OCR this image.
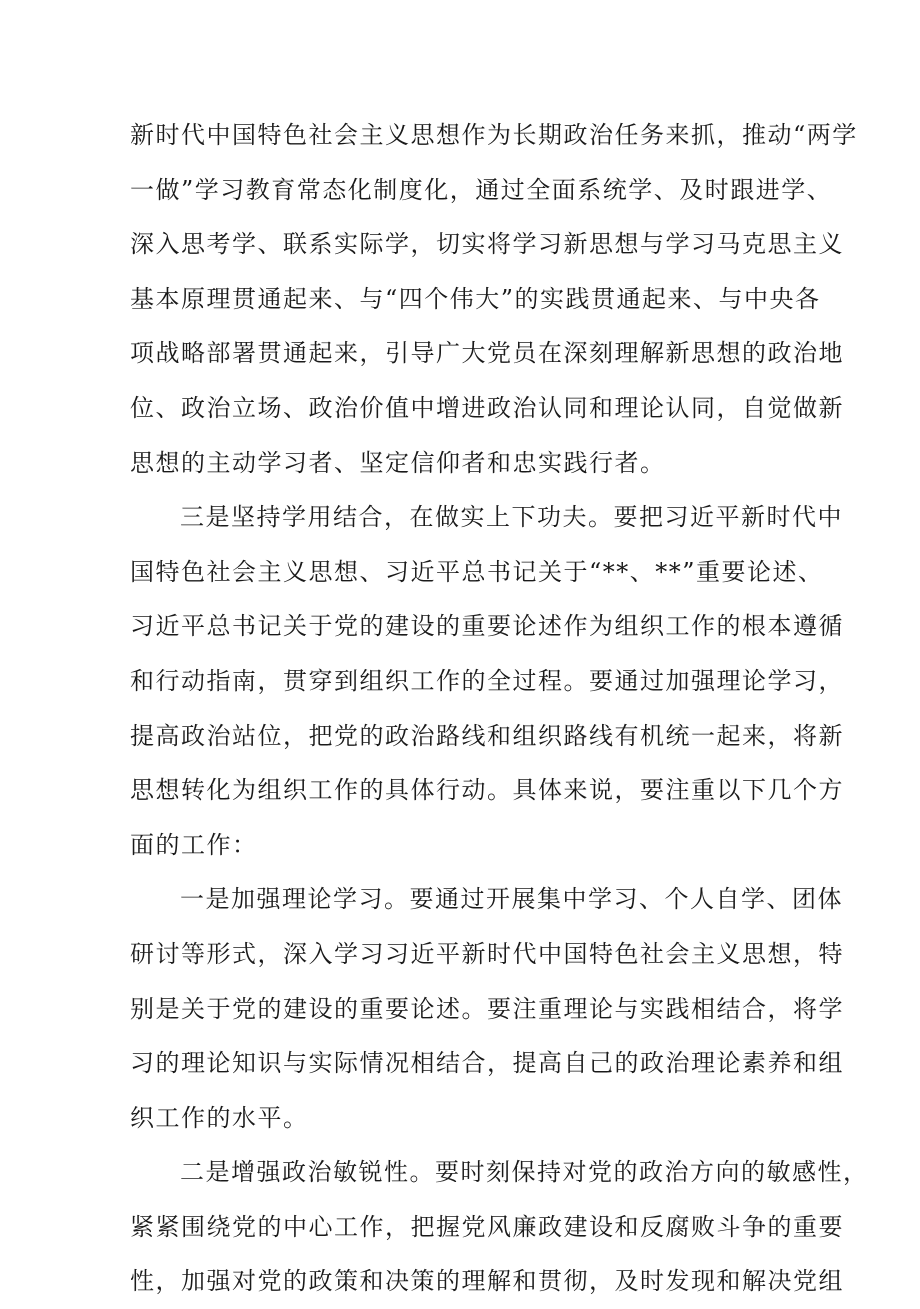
新时代中国特色社会主义思想作为长期政治任务来抓，推动“两学
一做”学习教育常态化制度化，通过全面系统学、及时跟进学、
深入思考学、联系实际学，切实将学习新思想与学习马克思主义
基本原理贯通起来、与“四个伟大”的实践贯通起来、与中央各
项战略部署贯通起来，引导广大党员在深刻理解新思想的政治地
位、政治立场、政治价值中增进政治认同和理论认同，自觉做新
思想的主动学习者、坚定信仰者和忠实践行者。
三是坚持学用结合，在做实上下功夫。要把习近平新时代中
国特色社会主义思想、习近平总书记关于“**、**”重要论述、
习近平总书记关于党的建设的重要论述作为组织工作的根本遵循
和行动指南，贯穿到组织工作的全过程。要通过加强理论学习，
提高政治站位，把党的政治路线和组织路线有机统一起来，将新
思想转化为组织工作的具体行动。具体来说，要注重以下几个方
面的工作：
一是加强理论学习。要通过开展集中学习、个人自学、团体
研讨等形式，深入学习习近平新时代中国特色社会主义思想，特
别是关于党的建设的重要论述。要注重理论与实践相结合，将学
习的理论知识与实际情况相结合，提高自己的政治理论素养和组
织工作的水平。
二是增强政治敏锐性。要时刻保持对党的政治方向的敏感性，
紧紧围绕党的中心工作，把握党风廉政建设和反腐败斗争的重要
性，加强对党的政策和决策的理解和贯彻，及时发现和解决党组
